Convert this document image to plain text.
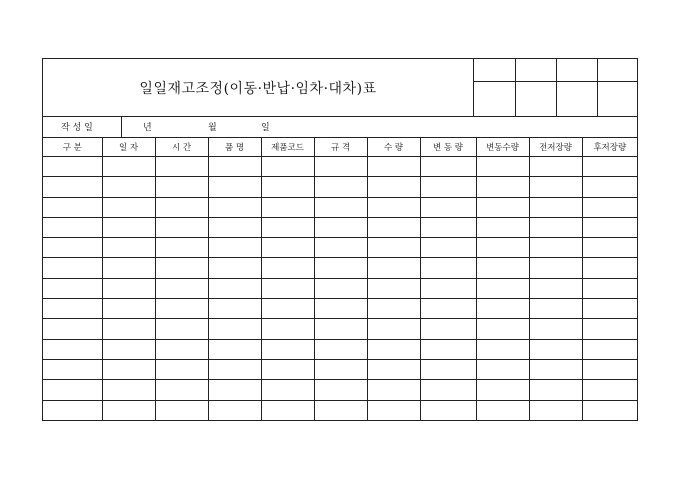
일일재고조정(이동·반납·임차·대차)표
작 성 일	년	월	일
구 분	일 자	시 간	품 명	제품코드	규 격	수 량	변 동 량	변동수량	전저장량	후저장량
